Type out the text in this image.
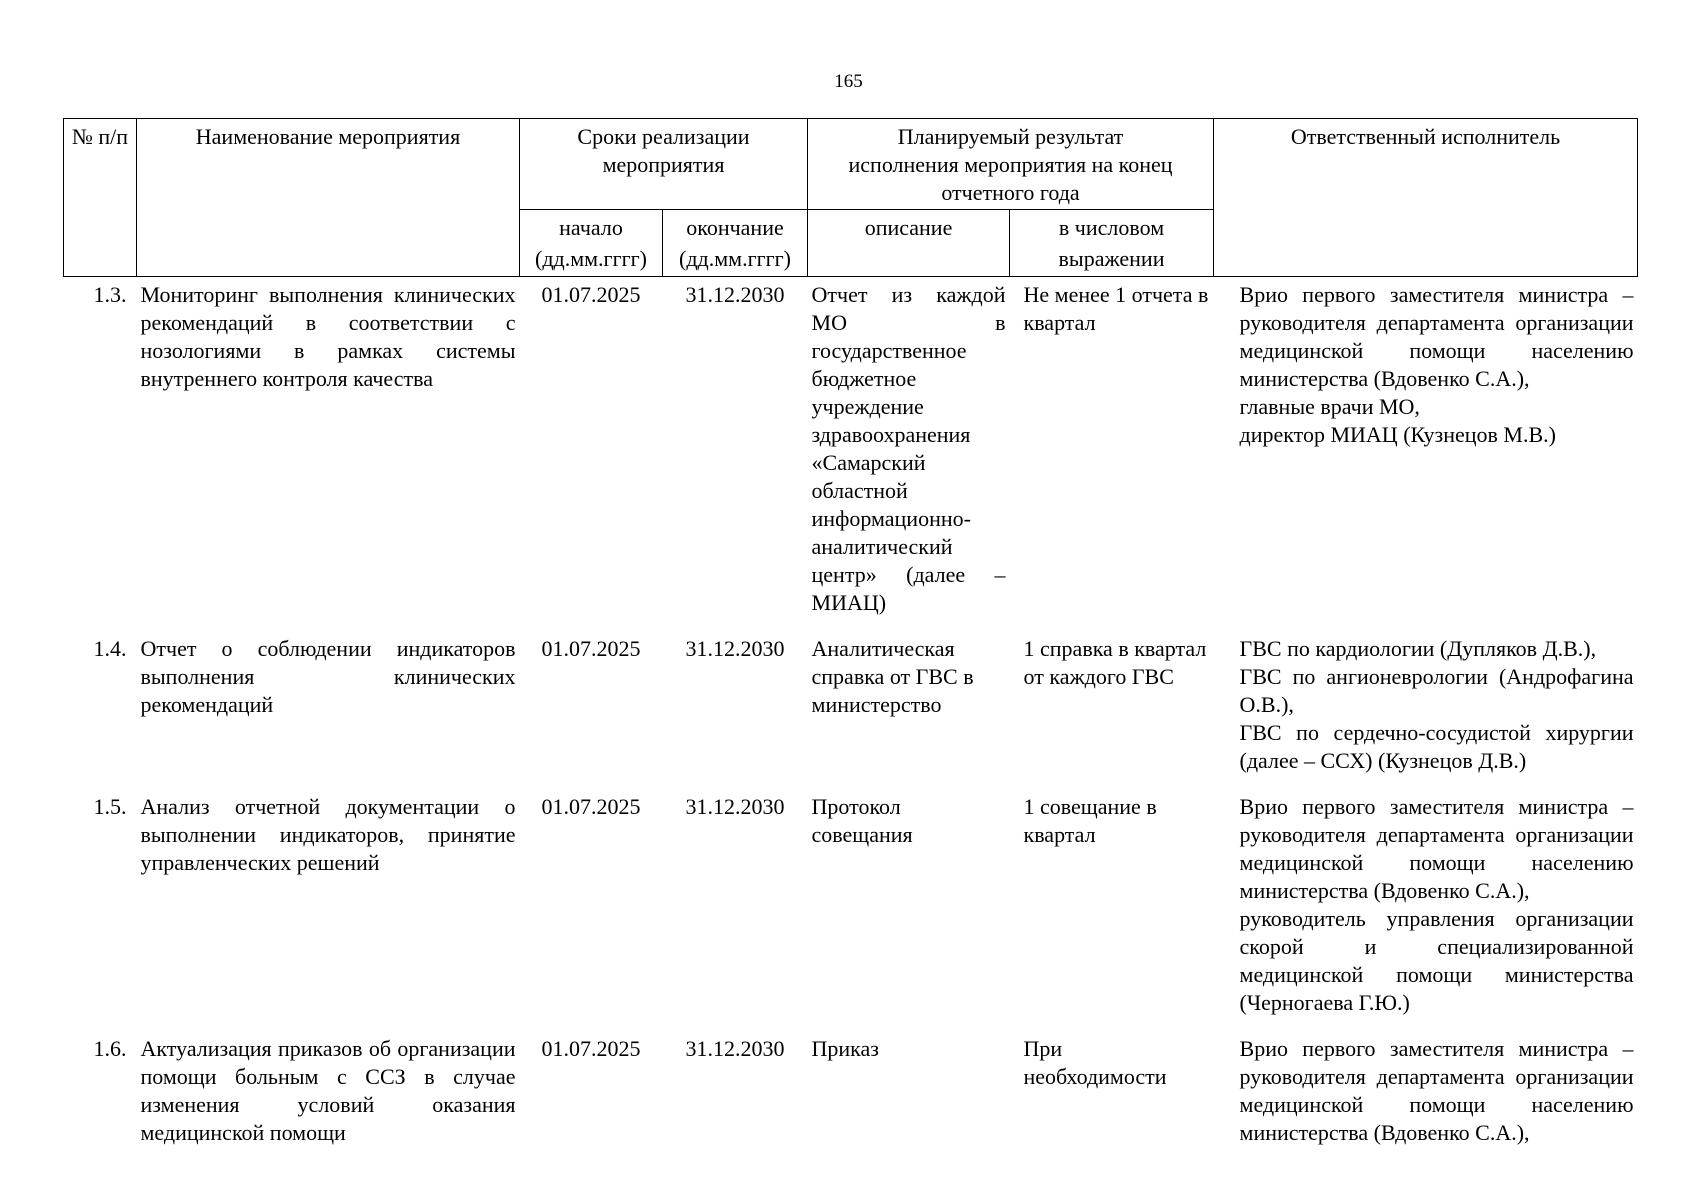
165
№ п/п	Наименование мероприятия	Сроки реализации мероприятия		Планируемый результат исполнения мероприятия на конец отчетного года		Ответственный исполнитель
		начало (дд.мм.гггг)	окончание (дд.мм.гггг)	описание	в числовом выражении	
1.3.	Мониторинг выполнения клинических рекомендаций в соответствии с нозологиями в рамках системы внутреннего контроля качества	01.07.2025	31.12.2030	Отчет из каждой МО в государственное бюджетное учреждение здравоохранения «Самарский областной информационно-аналитический центр» (далее – МИАЦ)	Не менее 1 отчета в квартал	Врио первого заместителя министра – руководителя департамента организации медицинской помощи населению министерства (Вдовенко С.А.),
главные врачи МО,
директор МИАЦ (Кузнецов М.В.)
1.4.	Отчет о соблюдении индикаторов выполнения клинических рекомендаций	01.07.2025	31.12.2030	Аналитическая справка от ГВС в министерство	1 справка в квартал от каждого ГВС	ГВС по кардиологии (Дупляков Д.В.),
ГВС по ангионеврологии (Андрофагина О.В.),
ГВС по сердечно-сосудистой хирургии (далее – ССХ) (Кузнецов Д.В.)
1.5.	Анализ отчетной документации о выполнении индикаторов, принятие управленческих решений	01.07.2025	31.12.2030	Протокол совещания	1 совещание в квартал	Врио первого заместителя министра – руководителя департамента организации медицинской помощи населению министерства (Вдовенко С.А.),
руководитель управления организации скорой и специализированной медицинской помощи министерства (Черногаева Г.Ю.)
1.6.	Актуализация приказов об организации помощи больным с ССЗ в случае изменения условий оказания медицинской помощи	01.07.2025	31.12.2030	Приказ	При необходимости	Врио первого заместителя министра – руководителя департамента организации медицинской помощи населению министерства (Вдовенко С.А.),
